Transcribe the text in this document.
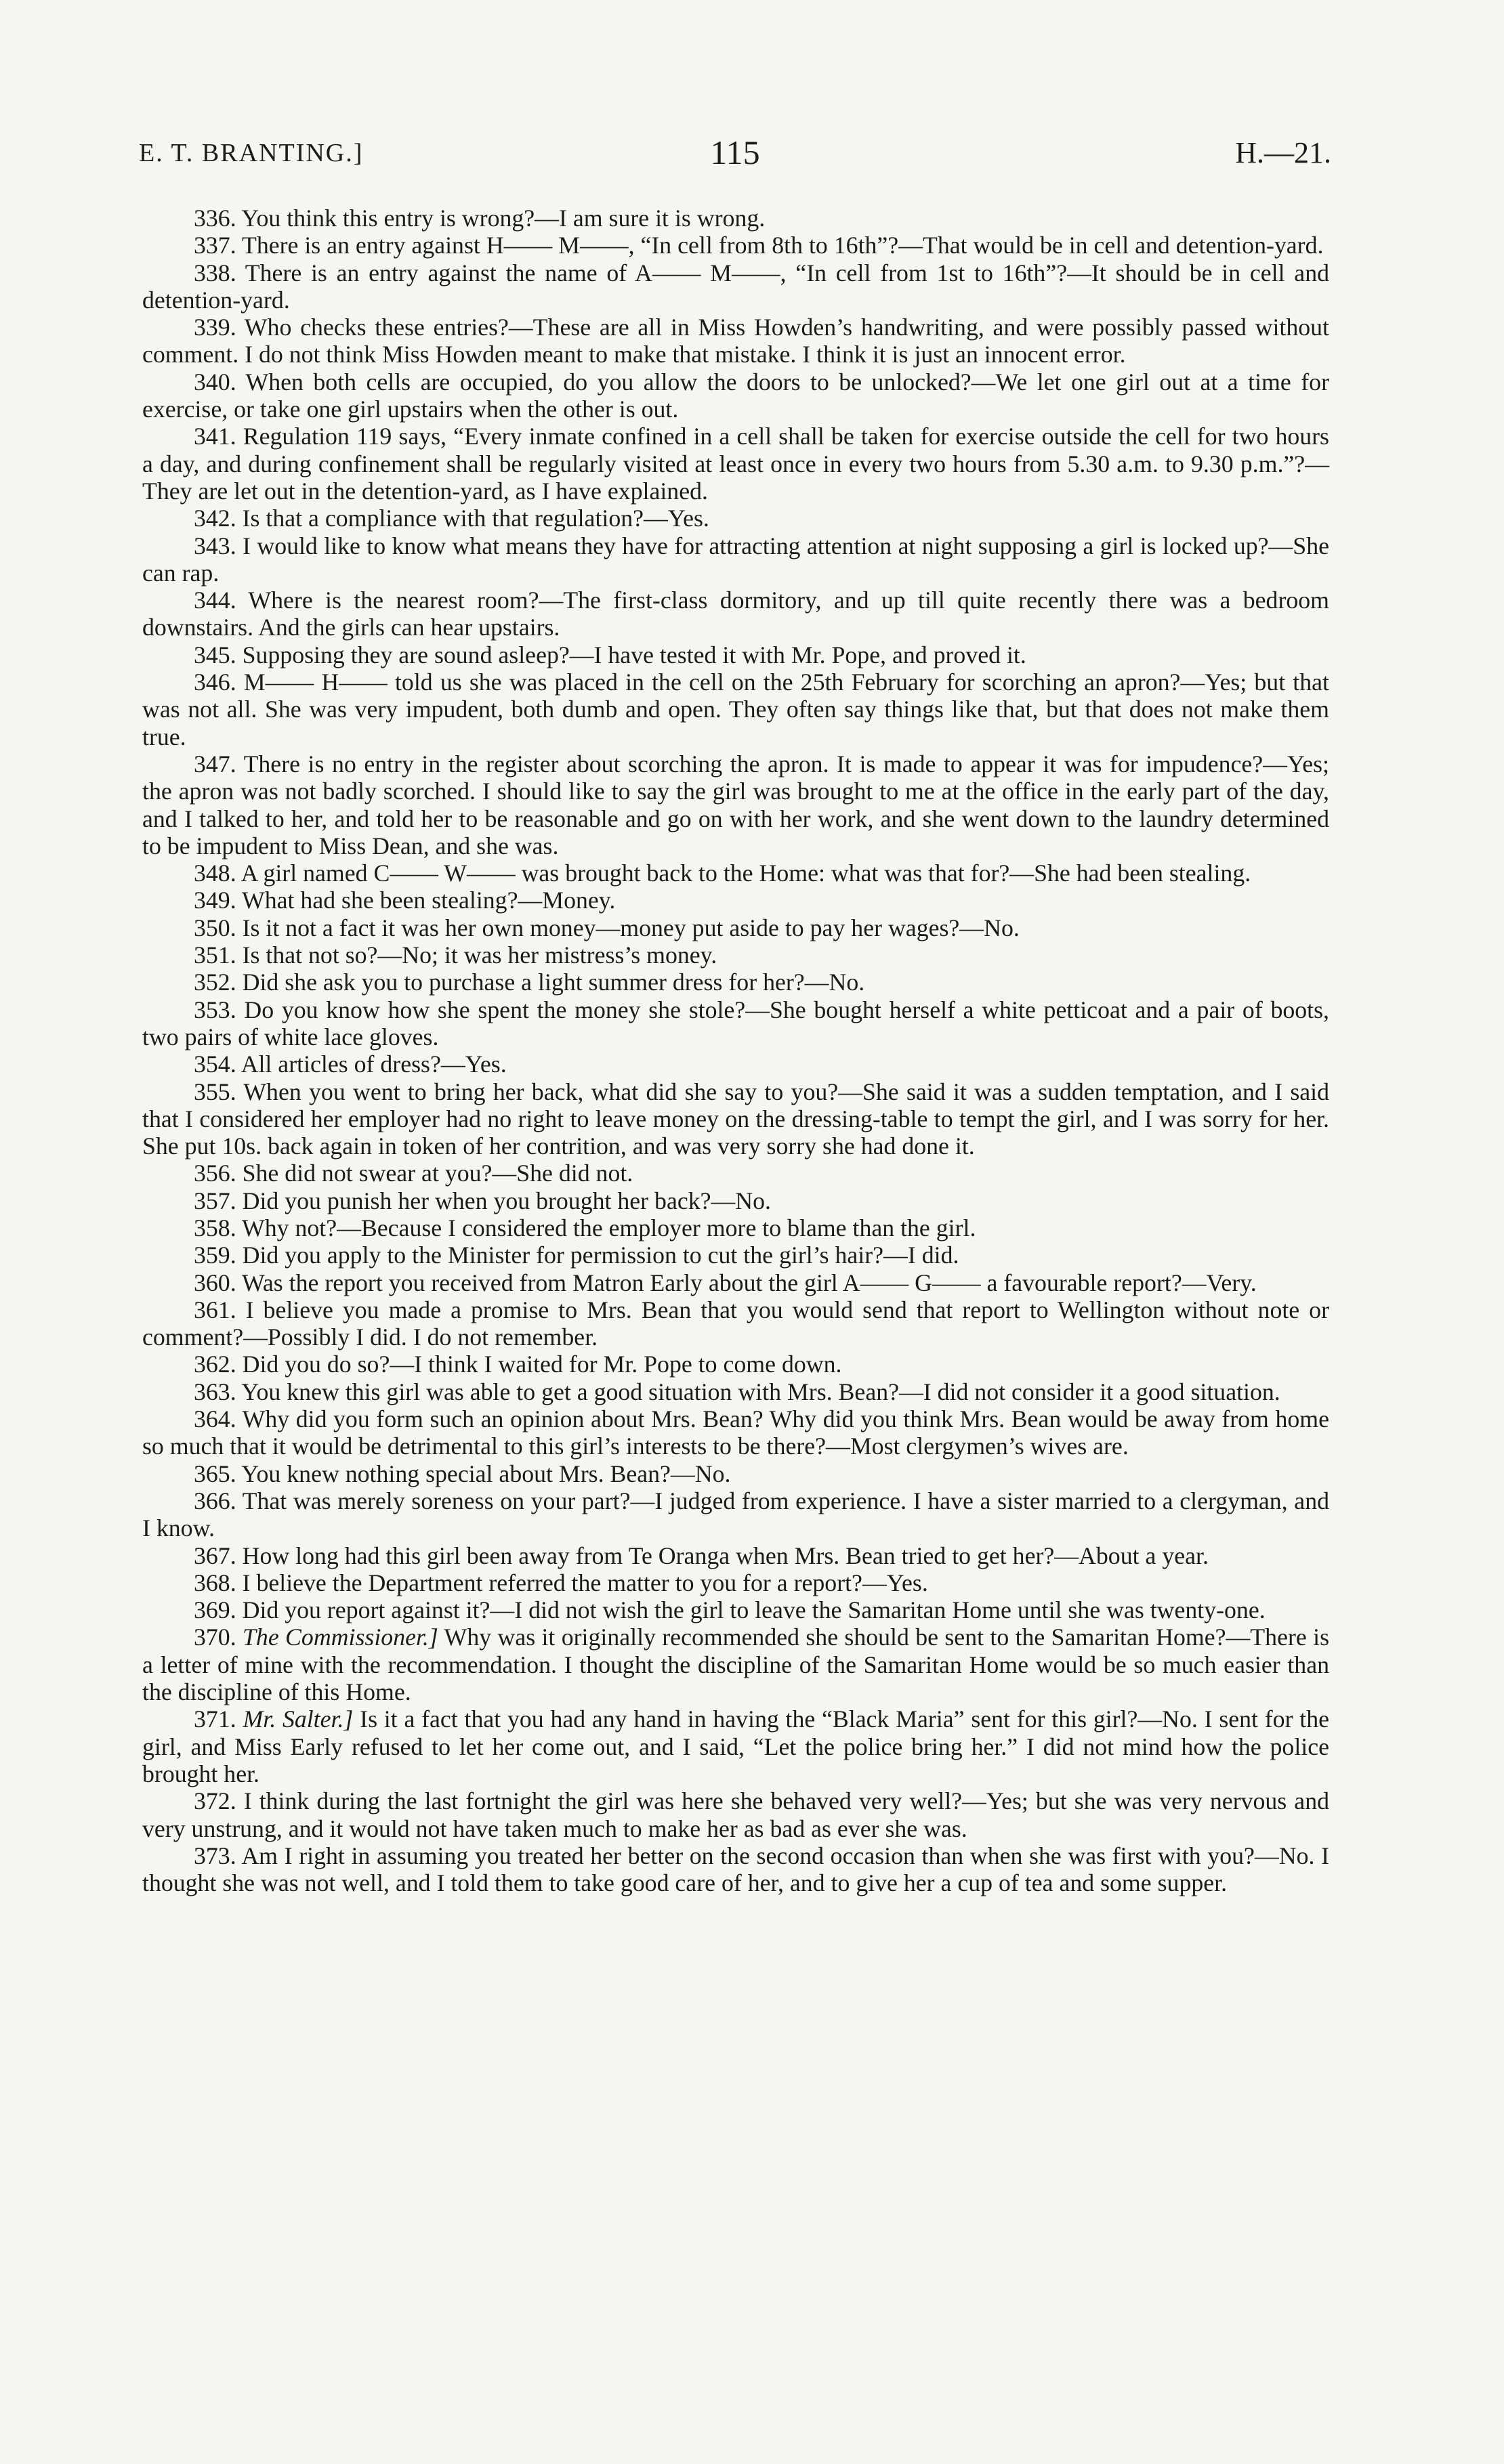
E. T. BRANTING.]	115	H.—21.

336. You think this entry is wrong?—I am sure it is wrong.

337. There is an entry against H—— M——, “In cell from 8th to 16th”?—That would be in cell and detention-yard.

338. There is an entry against the name of A—— M——, “In cell from 1st to 16th”?—It should be in cell and detention-yard.

339. Who checks these entries?—These are all in Miss Howden’s handwriting, and were possibly passed without comment. I do not think Miss Howden meant to make that mistake. I think it is just an innocent error.

340. When both cells are occupied, do you allow the doors to be unlocked?—We let one girl out at a time for exercise, or take one girl upstairs when the other is out.

341. Regulation 119 says, “Every inmate confined in a cell shall be taken for exercise outside the cell for two hours a day, and during confinement shall be regularly visited at least once in every two hours from 5.30 a.m. to 9.30 p.m.”?—They are let out in the detention-yard, as I have explained.

342. Is that a compliance with that regulation?—Yes.

343. I would like to know what means they have for attracting attention at night supposing a girl is locked up?—She can rap.

344. Where is the nearest room?—The first-class dormitory, and up till quite recently there was a bedroom downstairs. And the girls can hear upstairs.

345. Supposing they are sound asleep?—I have tested it with Mr. Pope, and proved it.

346. M—— H—— told us she was placed in the cell on the 25th February for scorching an apron?—Yes; but that was not all. She was very impudent, both dumb and open. They often say things like that, but that does not make them true.

347. There is no entry in the register about scorching the apron. It is made to appear it was for impudence?—Yes; the apron was not badly scorched. I should like to say the girl was brought to me at the office in the early part of the day, and I talked to her, and told her to be reasonable and go on with her work, and she went down to the laundry determined to be impudent to Miss Dean, and she was.

348. A girl named C—— W—— was brought back to the Home: what was that for?—She had been stealing.

349. What had she been stealing?—Money.

350. Is it not a fact it was her own money—money put aside to pay her wages?—No.

351. Is that not so?—No; it was her mistress’s money.

352. Did she ask you to purchase a light summer dress for her?—No.

353. Do you know how she spent the money she stole?—She bought herself a white petticoat and a pair of boots, two pairs of white lace gloves.

354. All articles of dress?—Yes.

355. When you went to bring her back, what did she say to you?—She said it was a sudden temptation, and I said that I considered her employer had no right to leave money on the dressing-table to tempt the girl, and I was sorry for her. She put 10s. back again in token of her contrition, and was very sorry she had done it.

356. She did not swear at you?—She did not.

357. Did you punish her when you brought her back?—No.

358. Why not?—Because I considered the employer more to blame than the girl.

359. Did you apply to the Minister for permission to cut the girl’s hair?—I did.

360. Was the report you received from Matron Early about the girl A—— G—— a favourable report?—Very.

361. I believe you made a promise to Mrs. Bean that you would send that report to Wellington without note or comment?—Possibly I did. I do not remember.

362. Did you do so?—I think I waited for Mr. Pope to come down.

363. You knew this girl was able to get a good situation with Mrs. Bean?—I did not consider it a good situation.

364. Why did you form such an opinion about Mrs. Bean? Why did you think Mrs. Bean would be away from home so much that it would be detrimental to this girl’s interests to be there?—Most clergymen’s wives are.

365. You knew nothing special about Mrs. Bean?—No.

366. That was merely soreness on your part?—I judged from experience. I have a sister married to a clergyman, and I know.

367. How long had this girl been away from Te Oranga when Mrs. Bean tried to get her?—About a year.

368. I believe the Department referred the matter to you for a report?—Yes.

369. Did you report against it?—I did not wish the girl to leave the Samaritan Home until she was twenty-one.

370. The Commissioner.] Why was it originally recommended she should be sent to the Samaritan Home?—There is a letter of mine with the recommendation. I thought the discipline of the Samaritan Home would be so much easier than the discipline of this Home.

371. Mr. Salter.] Is it a fact that you had any hand in having the “Black Maria” sent for this girl?—No. I sent for the girl, and Miss Early refused to let her come out, and I said, “Let the police bring her.” I did not mind how the police brought her.

372. I think during the last fortnight the girl was here she behaved very well?—Yes; but she was very nervous and very unstrung, and it would not have taken much to make her as bad as ever she was.

373. Am I right in assuming you treated her better on the second occasion than when she was first with you?—No. I thought she was not well, and I told them to take good care of her, and to give her a cup of tea and some supper.
